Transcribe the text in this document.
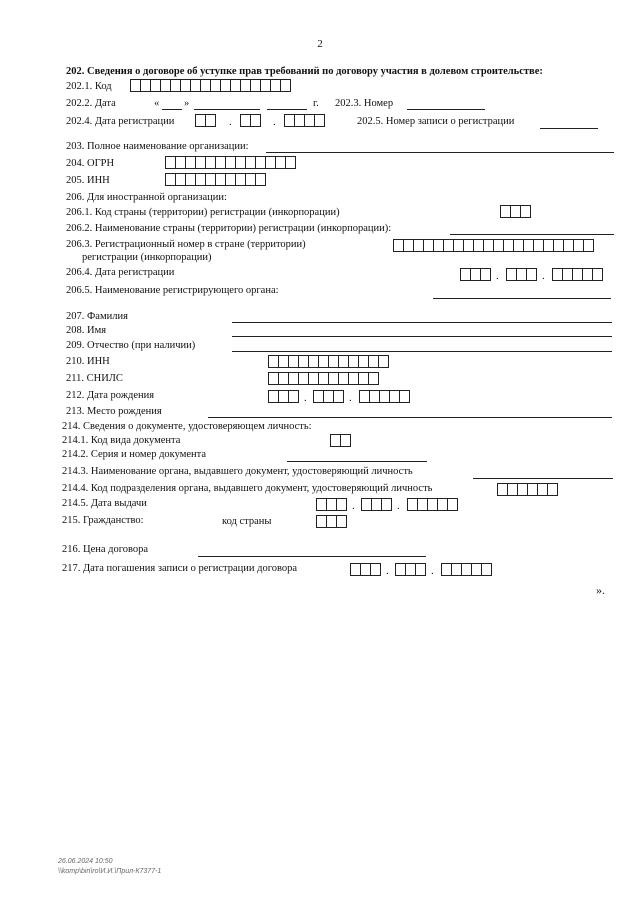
2
202. Сведения о договоре об уступке прав требований по договору участия в долевом строительстве:
202.1. Код
202.2. Дата	« »	г. 202.3. Номер
202.4. Дата регистрации	.	.	202.5. Номер записи о регистрации
203. Полное наименование организации:
204. ОГРН
205. ИНН
206. Для иностранной организации:
206.1. Код страны (территории) регистрации (инкорпорации)
206.2. Наименование страны (территории) регистрации (инкорпорации):
206.3. Регистрационный номер в стране (территории)
регистрации (инкорпорации)
206.4. Дата регистрации	.	.
206.5. Наименование регистрирующего органа:
207. Фамилия
208. Имя
209. Отчество (при наличии)
210. ИНН
211. СНИЛС
212. Дата рождения	.	.
213. Место рождения
214. Сведения о документе, удостоверяющем личность:
214.1. Код вида документа
214.2. Серия и номер документа
214.3. Наименование органа, выдавшего документ, удостоверяющий личность
214.4. Код подразделения органа, выдавшего документ, удостоверяющий личность
214.5. Дата выдачи	.	.
215. Гражданство:	код страны
216. Цена договора
217. Дата погашения записи о регистрации договора	.	.
».
26.06.2024 10:50
\\komp\bin\ro\И.И.\Прил-К7377-1
